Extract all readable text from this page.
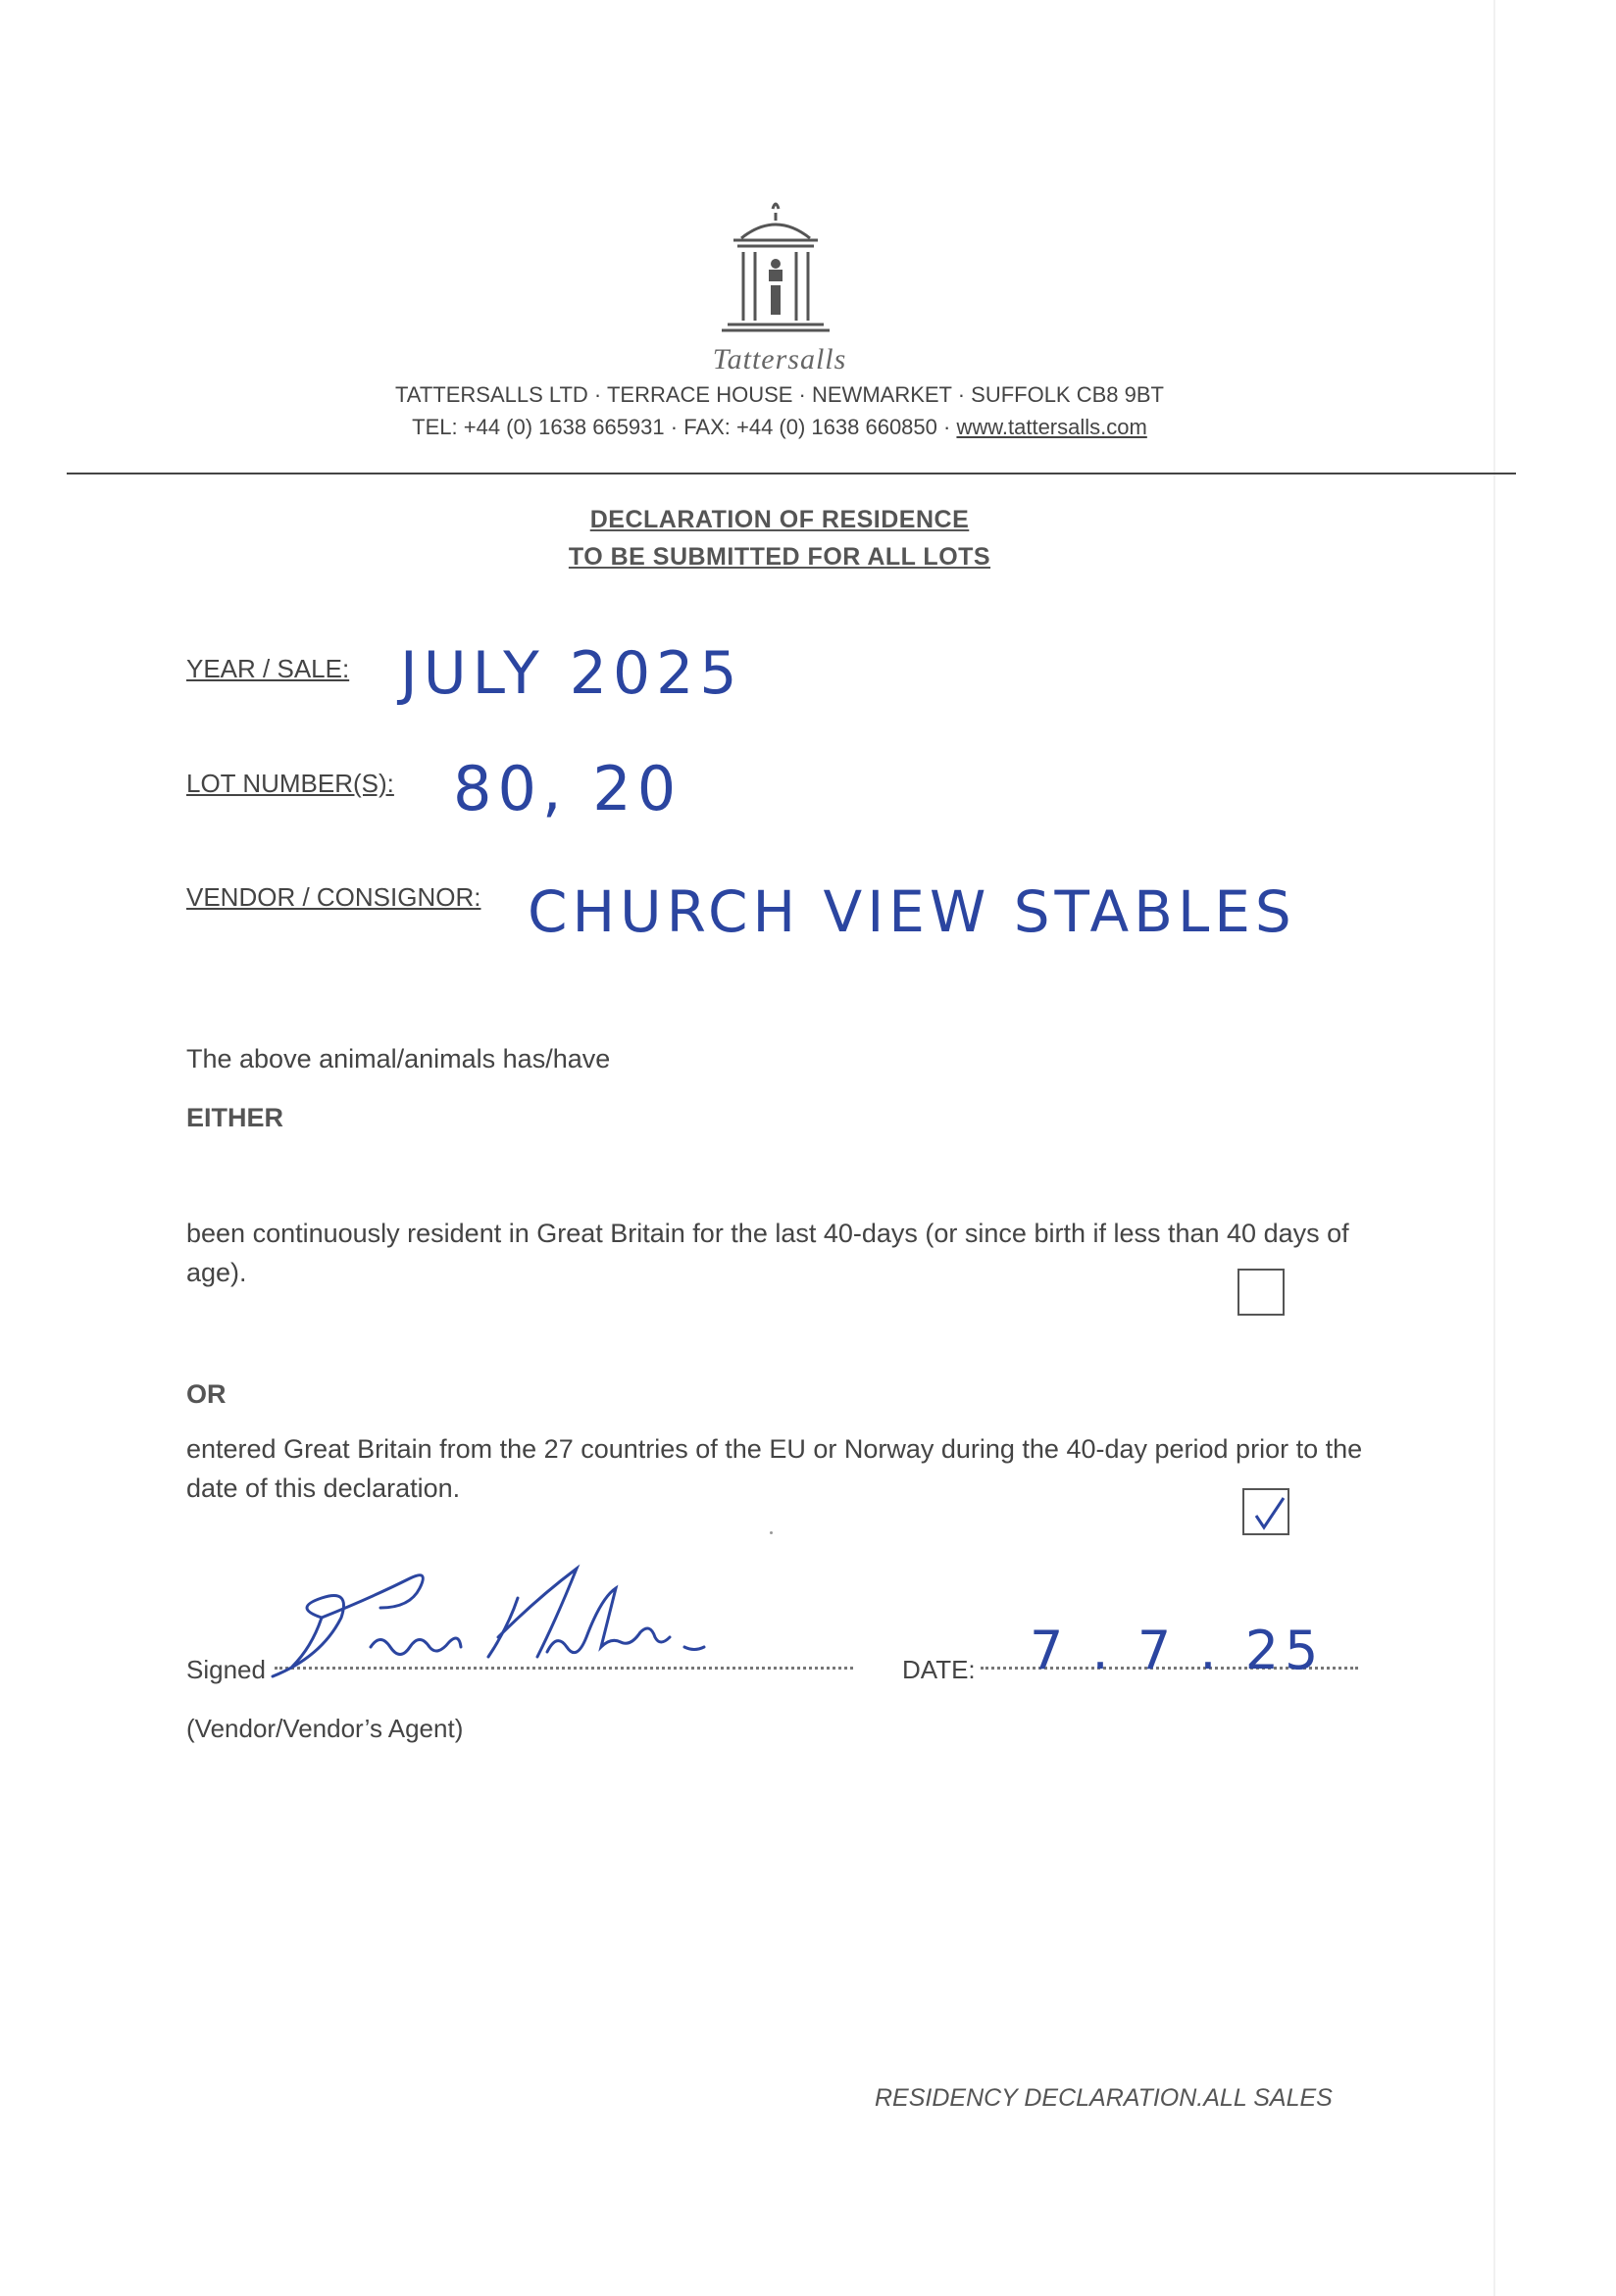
Tattersalls
TATTERSALLS LTD · TERRACE HOUSE · NEWMARKET · SUFFOLK CB8 9BT
TEL: +44 (0) 1638 665931 · FAX: +44 (0) 1638 660850 · www.tattersalls.com
DECLARATION OF RESIDENCE
TO BE SUBMITTED FOR ALL LOTS
YEAR / SALE: JULY 2025
LOT NUMBER(S): 80, 20
VENDOR / CONSIGNOR: CHURCH VIEW STABLES
The above animal/animals has/have
EITHER
been continuously resident in Great Britain for the last 40-days (or since birth if less than 40 days of age).
OR
entered Great Britain from the 27 countries of the EU or Norway during the 40-day period prior to the date of this declaration.
Signed	DATE: 7 . 7 . 25
(Vendor/Vendor’s Agent)
RESIDENCY DECLARATION.ALL SALES
